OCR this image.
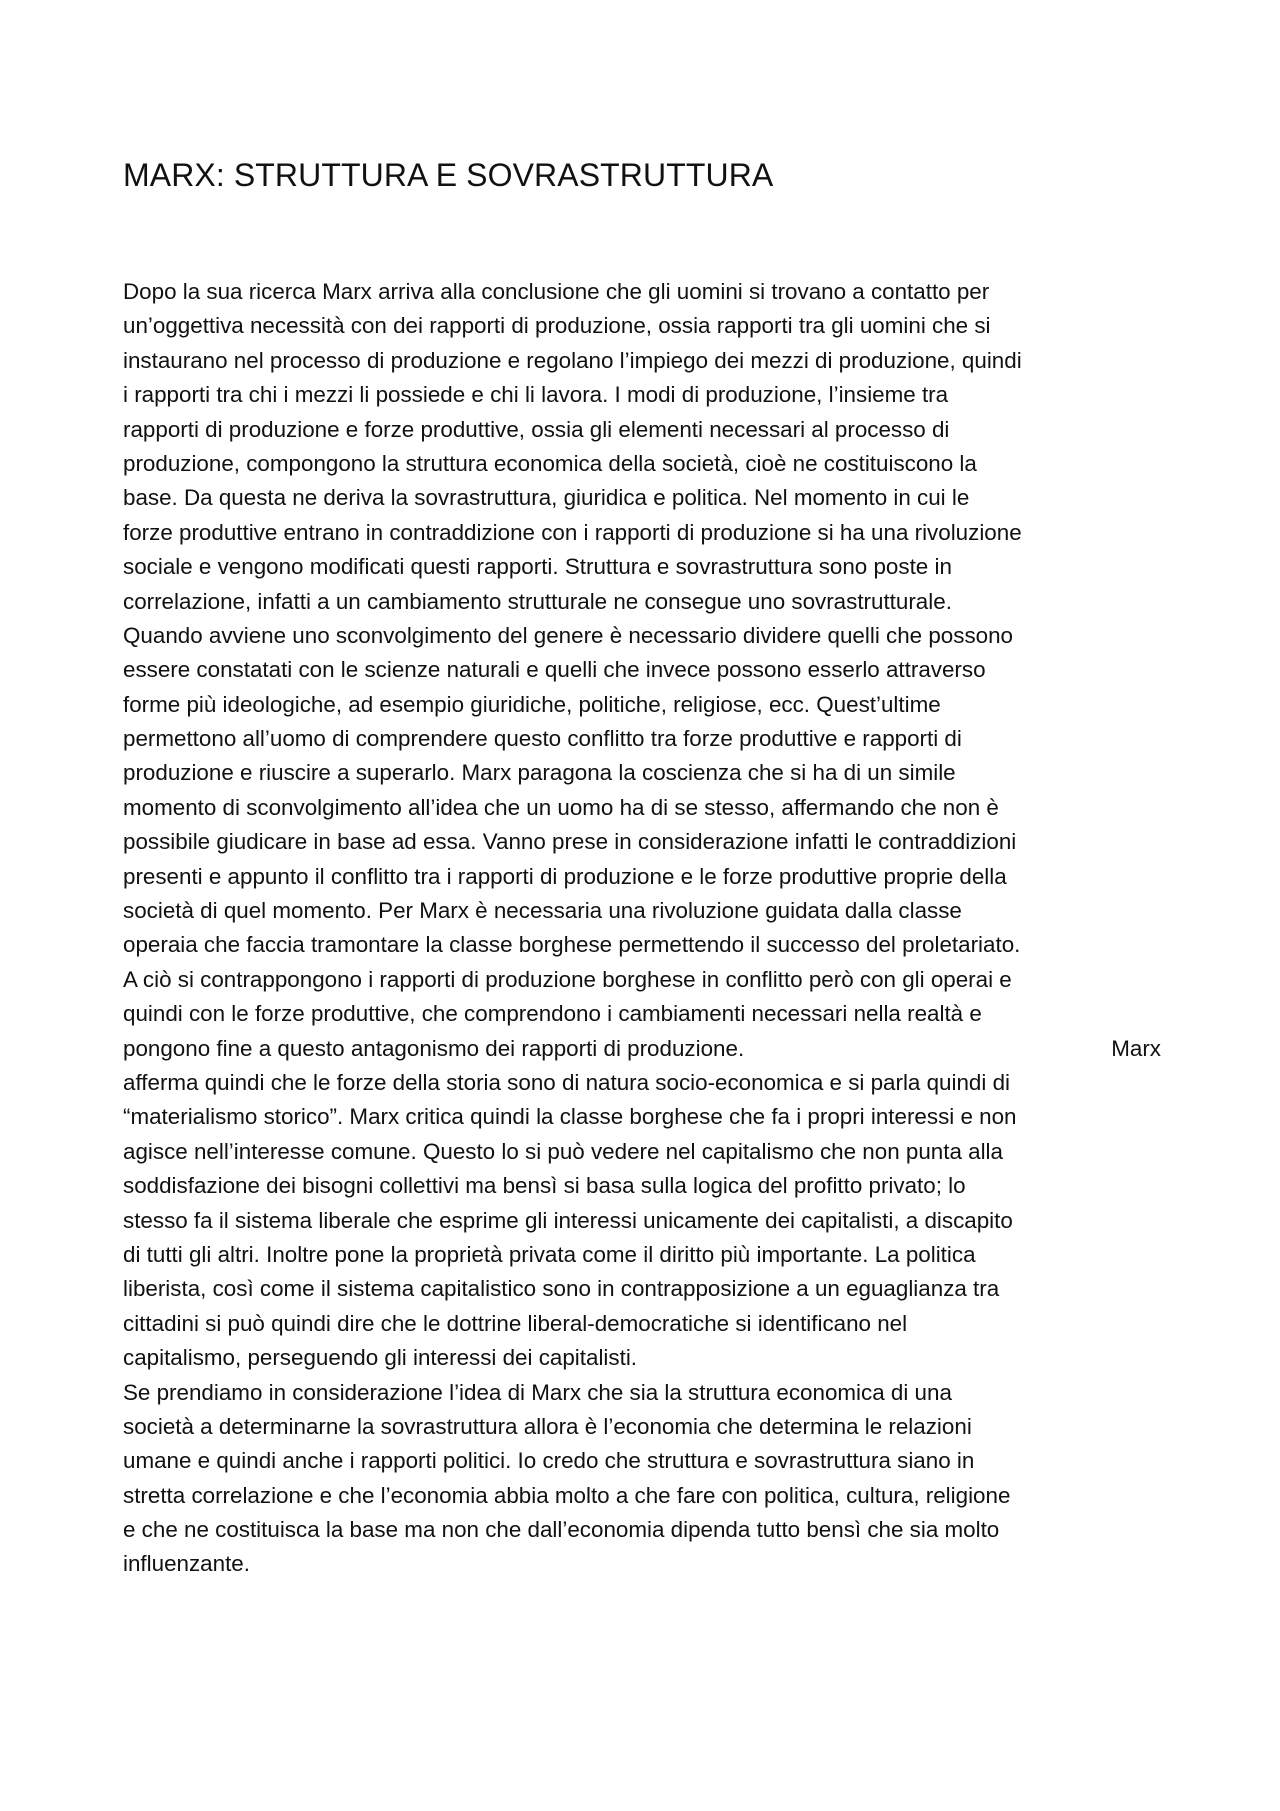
MARX: STRUTTURA E SOVRASTRUTTURA
Dopo la sua ricerca Marx arriva alla conclusione che gli uomini si trovano a contatto per
un’oggettiva necessità con dei rapporti di produzione, ossia rapporti tra gli uomini che si
instaurano nel processo di produzione e regolano l’impiego dei mezzi di produzione, quindi
i rapporti tra chi i mezzi li possiede e chi li lavora. I modi di produzione, l’insieme tra
rapporti di produzione e forze produttive, ossia gli elementi necessari al processo di
produzione, compongono la struttura economica della società, cioè ne costituiscono la
base. Da questa ne deriva la sovrastruttura, giuridica e politica. Nel momento in cui le
forze produttive entrano in contraddizione con i rapporti di produzione si ha una rivoluzione
sociale e vengono modificati questi rapporti. Struttura e sovrastruttura sono poste in
correlazione, infatti a un cambiamento strutturale ne consegue uno sovrastrutturale.
Quando avviene uno sconvolgimento del genere è necessario dividere quelli che possono
essere constatati con le scienze naturali e quelli che invece possono esserlo attraverso
forme più ideologiche, ad esempio giuridiche, politiche, religiose, ecc. Quest’ultime
permettono all’uomo di comprendere questo conflitto tra forze produttive e rapporti di
produzione e riuscire a superarlo. Marx paragona la coscienza che si ha di un simile
momento di sconvolgimento all’idea che un uomo ha di se stesso, affermando che non è
possibile giudicare in base ad essa. Vanno prese in considerazione infatti le contraddizioni
presenti e appunto il conflitto tra i rapporti di produzione e le forze produttive proprie della
società di quel momento. Per Marx è necessaria una rivoluzione guidata dalla classe
operaia che faccia tramontare la classe borghese permettendo il successo del proletariato.
A ciò si contrappongono i rapporti di produzione borghese in conflitto però con gli operai e
quindi con le forze produttive, che comprendono i cambiamenti necessari nella realtà e
pongono fine a questo antagonismo dei rapporti di produzione.	Marx
afferma quindi che le forze della storia sono di natura socio-economica e si parla quindi di
“materialismo storico”. Marx critica quindi la classe borghese che fa i propri interessi e non
agisce nell’interesse comune. Questo lo si può vedere nel capitalismo che non punta alla
soddisfazione dei bisogni collettivi ma bensì si basa sulla logica del profitto privato; lo
stesso fa il sistema liberale che esprime gli interessi unicamente dei capitalisti, a discapito
di tutti gli altri. Inoltre pone la proprietà privata come il diritto più importante. La politica
liberista, così come il sistema capitalistico sono in contrapposizione a un eguaglianza tra
cittadini si può quindi dire che le dottrine liberal-democratiche si identificano nel
capitalismo, perseguendo gli interessi dei capitalisti.
Se prendiamo in considerazione l’idea di Marx che sia la struttura economica di una
società a determinarne la sovrastruttura allora è l’economia che determina le relazioni
umane e quindi anche i rapporti politici. Io credo che struttura e sovrastruttura siano in
stretta correlazione e che l’economia abbia molto a che fare con politica, cultura, religione
e che ne costituisca la base ma non che dall’economia dipenda tutto bensì che sia molto
influenzante.
